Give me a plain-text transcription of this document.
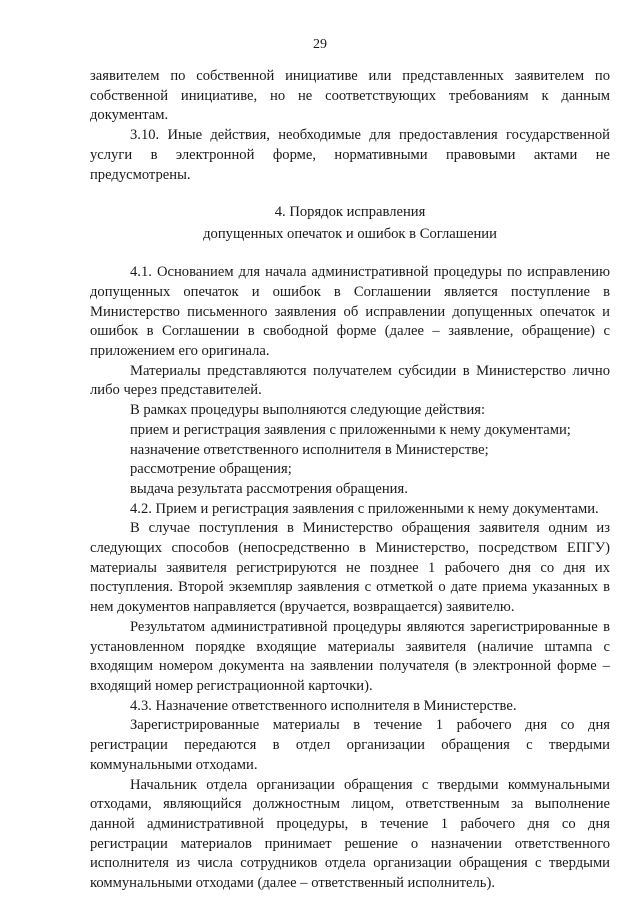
29

заявителем по собственной инициативе или представленных заявителем по собственной инициативе, но не соответствующих требованиям к данным документам.

3.10. Иные действия, необходимые для предоставления государственной услуги в электронной форме, нормативными правовыми актами не предусмотрены.

4. Порядок исправления
допущенных опечаток и ошибок в Соглашении

4.1. Основанием для начала административной процедуры по исправлению допущенных опечаток и ошибок в Соглашении является поступление в Министерство письменного заявления об исправлении допущенных опечаток и ошибок в Соглашении в свободной форме (далее – заявление, обращение) с приложением его оригинала.

Материалы представляются получателем субсидии в Министерство лично либо через представителей.

В рамках процедуры выполняются следующие действия:

прием и регистрация заявления с приложенными к нему документами;

назначение ответственного исполнителя в Министерстве;

рассмотрение обращения;

выдача результата рассмотрения обращения.

4.2. Прием и регистрация заявления с приложенными к нему документами.

В случае поступления в Министерство обращения заявителя одним из следующих способов (непосредственно в Министерство, посредством ЕПГУ) материалы заявителя регистрируются не позднее 1 рабочего дня со дня их поступления. Второй экземпляр заявления с отметкой о дате приема указанных в нем документов направляется (вручается, возвращается) заявителю.

Результатом административной процедуры являются зарегистрированные в установленном порядке входящие материалы заявителя (наличие штампа с входящим номером документа на заявлении получателя (в электронной форме – входящий номер регистрационной карточки).

4.3. Назначение ответственного исполнителя в Министерстве.

Зарегистрированные материалы в течение 1 рабочего дня со дня регистрации передаются в отдел организации обращения с твердыми коммунальными отходами.

Начальник отдела организации обращения с твердыми коммунальными отходами, являющийся должностным лицом, ответственным за выполнение данной административной процедуры, в течение 1 рабочего дня со дня регистрации материалов принимает решение о назначении ответственного исполнителя из числа сотрудников отдела организации обращения с твердыми коммунальными отходами (далее – ответственный исполнитель).
